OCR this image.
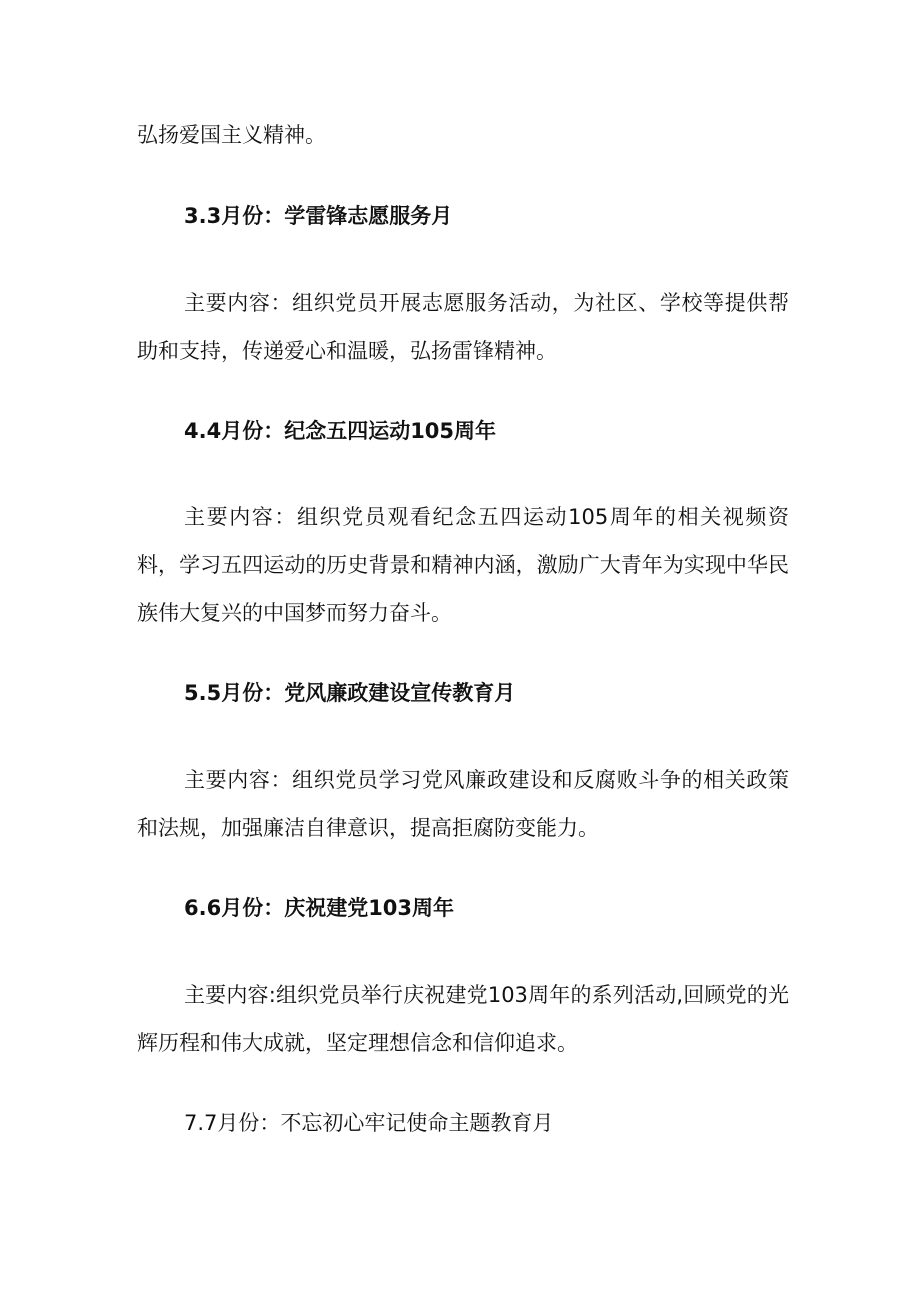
弘扬爱国主义精神。
3.3月份：学雷锋志愿服务月
主要内容：组织党员开展志愿服务活动，为社区、学校等提供帮助和支持，传递爱心和温暖，弘扬雷锋精神。
4.4月份：纪念五四运动105周年
主要内容：组织党员观看纪念五四运动105周年的相关视频资料，学习五四运动的历史背景和精神内涵，激励广大青年为实现中华民族伟大复兴的中国梦而努力奋斗。
5.5月份：党风廉政建设宣传教育月
主要内容：组织党员学习党风廉政建设和反腐败斗争的相关政策和法规，加强廉洁自律意识，提高拒腐防变能力。
6.6月份：庆祝建党103周年
主要内容:组织党员举行庆祝建党103周年的系列活动,回顾党的光辉历程和伟大成就，坚定理想信念和信仰追求。
7.7月份：不忘初心牢记使命主题教育月
